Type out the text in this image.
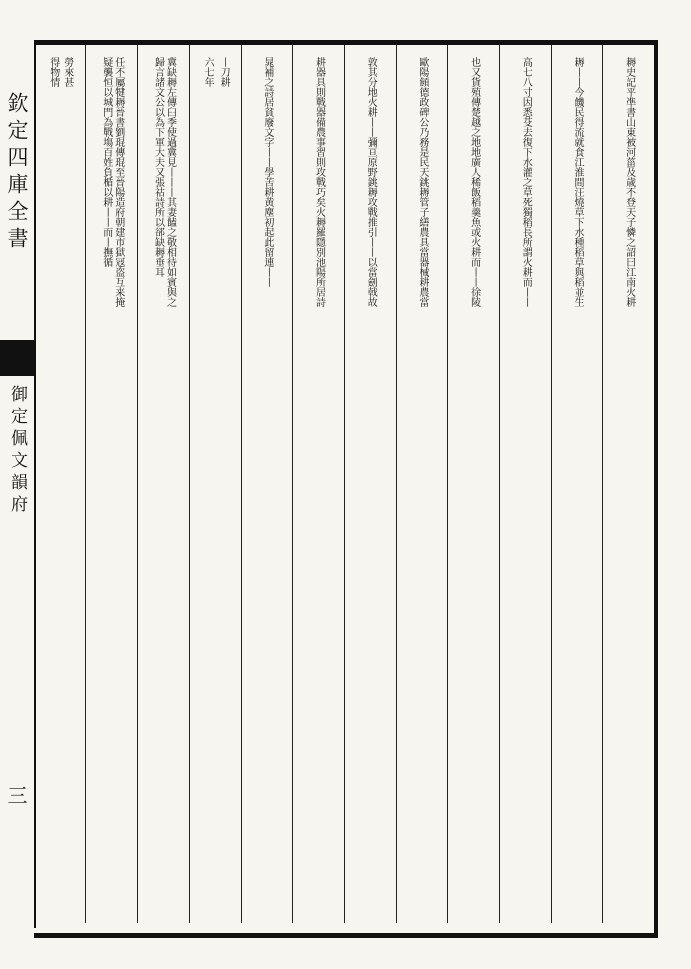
欽定四庫全書
御定佩文韻府
三
耨史記平凖書山東被河菑及歳不登天子憐之詔曰江南火耕
耨丨丨今饑民得流就食江淮間汪燒草下水種稻草與稻並生
高七八寸因悉芟去復下水灌之草死獨稻長所謂火耕而丨丨
也又貨殖傳楚越之地地廣人稀飯稻羹魚或火耕而丨丨徐陵
歐陽頠德政碑公乃務是民天銚耨管子繕農具當器械耕農當
敦其分地火耕丨丨彌亘原野銚耨攻戰推引丨丨以當劍戟故
耕器具則戰器備農事習則攻戰巧矣火耨羅隱別池陽所居詩
晁補之詩居貧廢文字丨丨學苦耕黄塵初起此留連丨丨
丨刀耕
六七年
冀缺耨左傳臼季使過冀見丨丨丨其妻饁之敬相待如賓與之
歸言諸文公以為下軍大夫又張祜詩所以郤缺耨垂耳
任不屬犍耨晉書劉琨傳琨至晉陽造府朝建市獄冦盗互来掩
疑襲恒以城門為戰塲百姓負楯以耕丨丨而丨撫循
勞來甚
得物情
